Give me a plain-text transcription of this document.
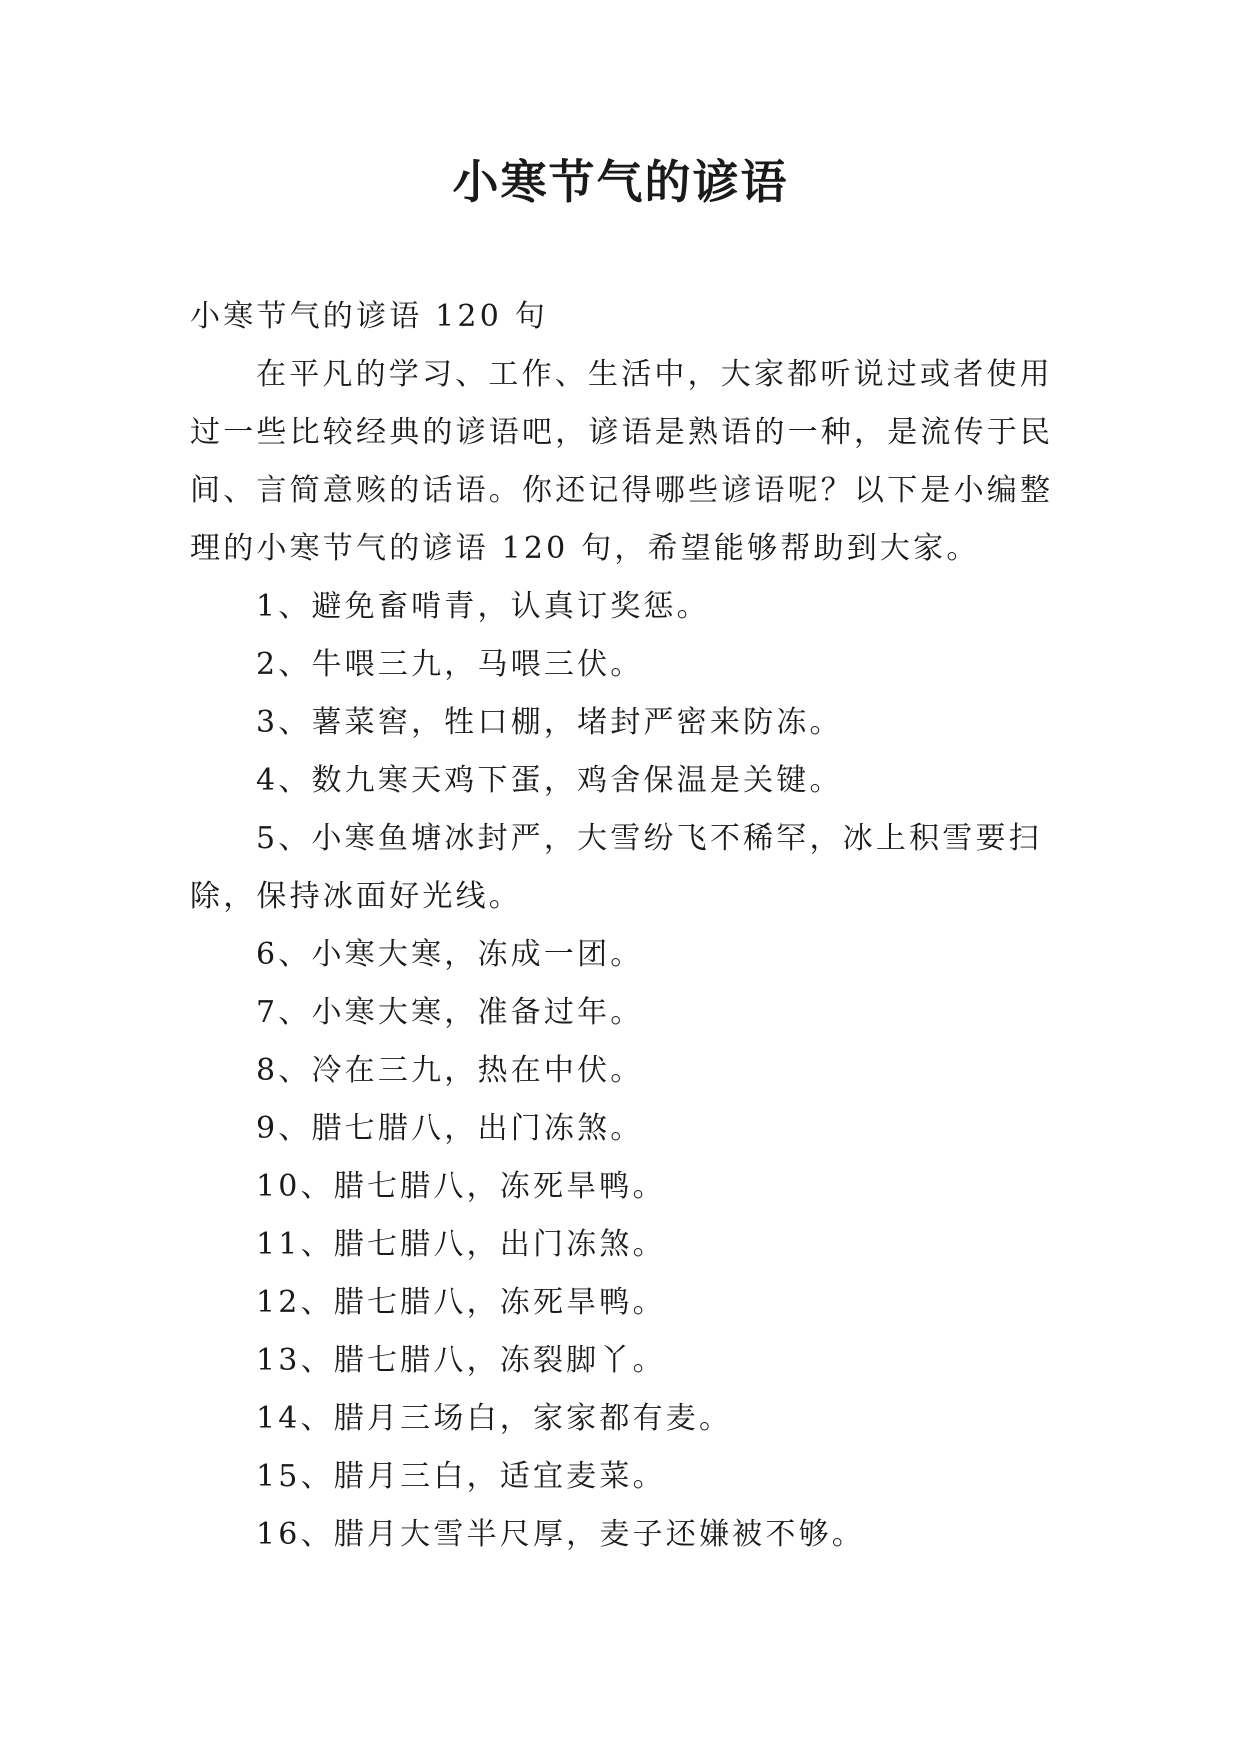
小寒节气的谚语

小寒节气的谚语 120 句

在平凡的学习、工作、生活中，大家都听说过或者使用过一些比较经典的谚语吧，谚语是熟语的一种，是流传于民间、言简意赅的话语。你还记得哪些谚语呢？以下是小编整理的小寒节气的谚语 120 句，希望能够帮助到大家。

1、避免畜啃青，认真订奖惩。

2、牛喂三九，马喂三伏。

3、薯菜窖，牲口棚，堵封严密来防冻。

4、数九寒天鸡下蛋，鸡舍保温是关键。

5、小寒鱼塘冰封严，大雪纷飞不稀罕，冰上积雪要扫除，保持冰面好光线。

6、小寒大寒，冻成一团。

7、小寒大寒，准备过年。

8、冷在三九，热在中伏。

9、腊七腊八，出门冻煞。

10、腊七腊八，冻死旱鸭。

11、腊七腊八，出门冻煞。

12、腊七腊八，冻死旱鸭。

13、腊七腊八，冻裂脚丫。

14、腊月三场白，家家都有麦。

15、腊月三白，适宜麦菜。

16、腊月大雪半尺厚，麦子还嫌被不够。
